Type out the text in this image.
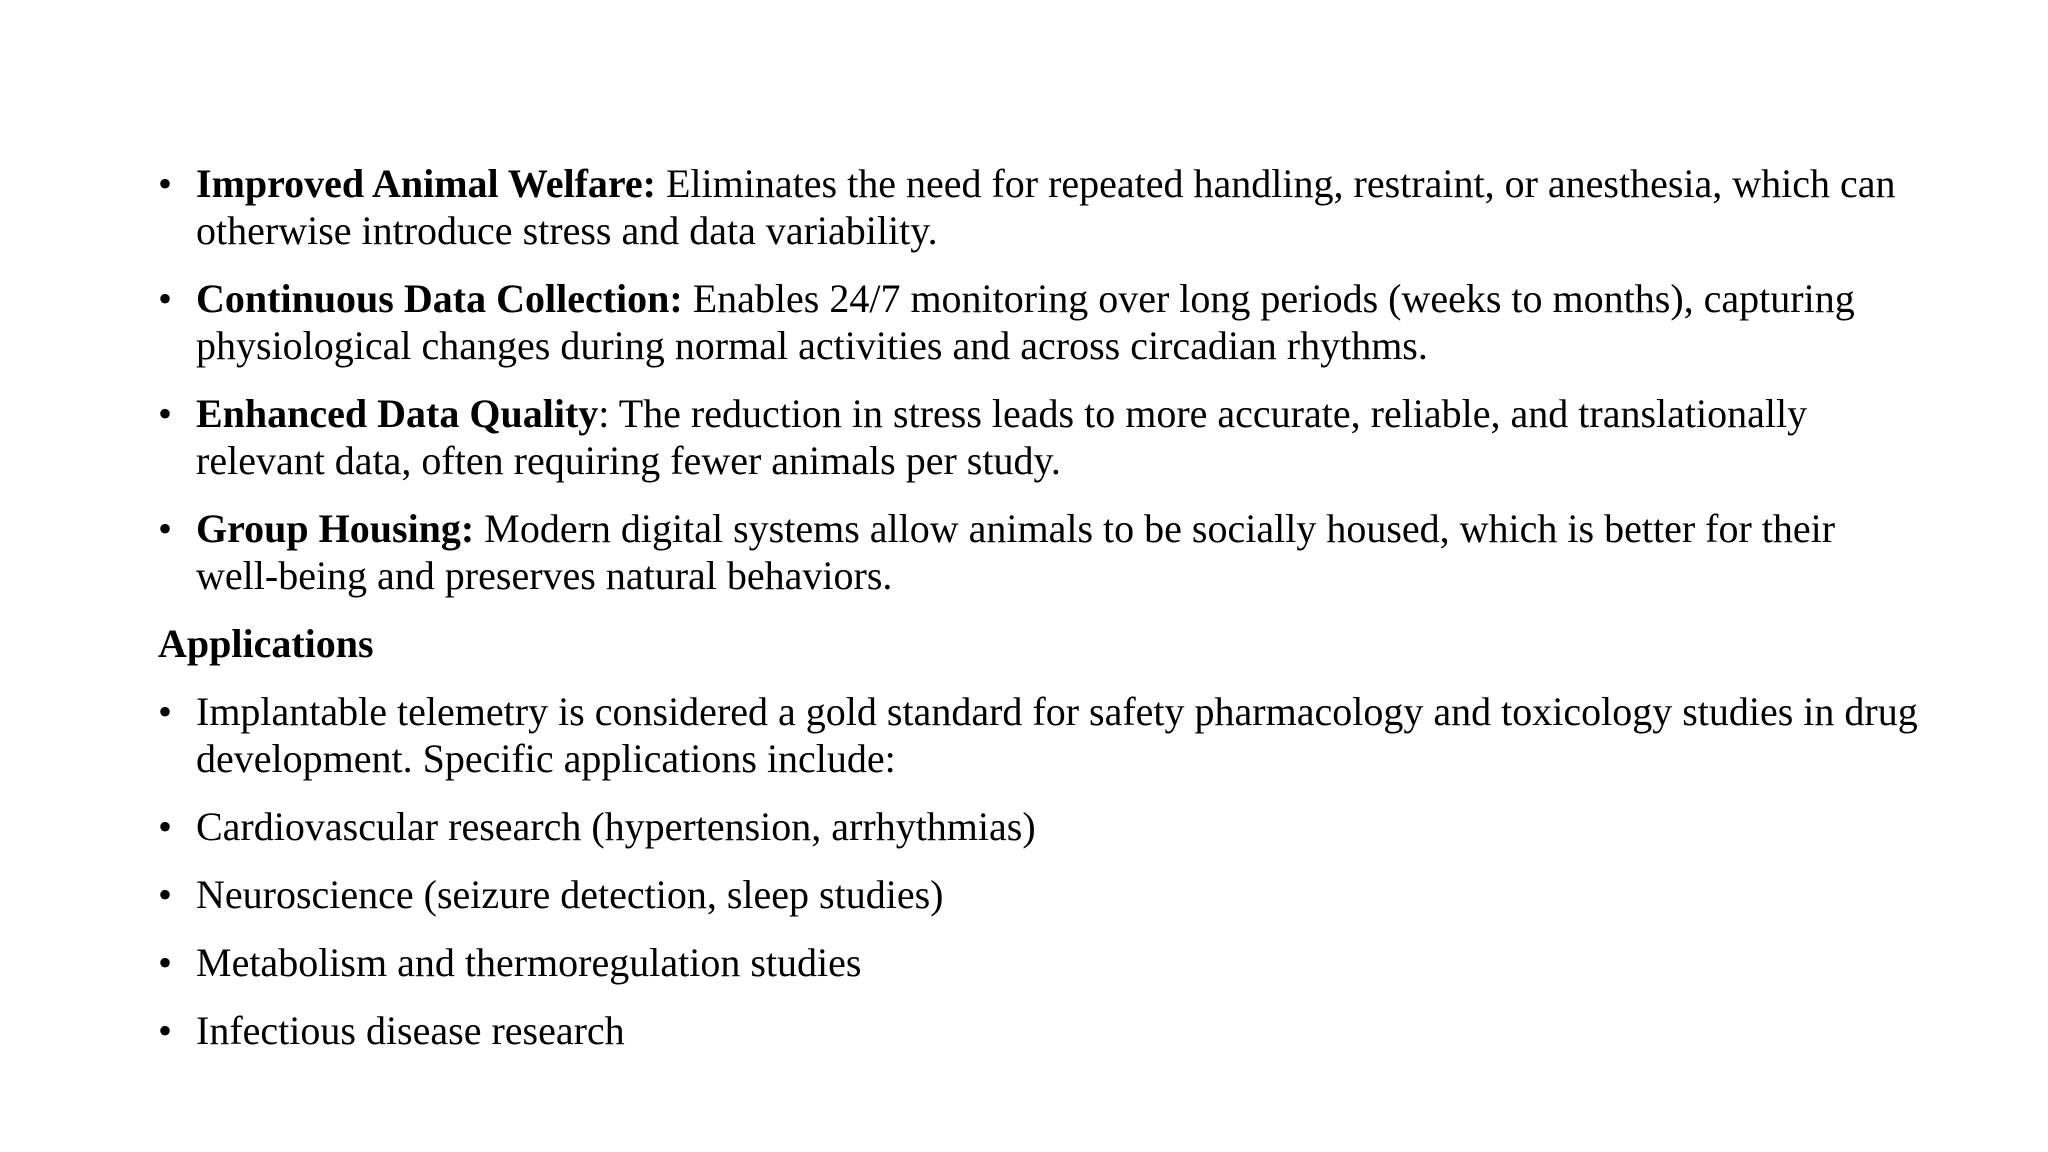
• Improved Animal Welfare: Eliminates the need for repeated handling, restraint, or anesthesia, which can otherwise introduce stress and data variability.
• Continuous Data Collection: Enables 24/7 monitoring over long periods (weeks to months), capturing physiological changes during normal activities and across circadian rhythms.
• Enhanced Data Quality: The reduction in stress leads to more accurate, reliable, and translationally relevant data, often requiring fewer animals per study.
• Group Housing: Modern digital systems allow animals to be socially housed, which is better for their well-being and preserves natural behaviors.
Applications
• Implantable telemetry is considered a gold standard for safety pharmacology and toxicology studies in drug development. Specific applications include:
• Cardiovascular research (hypertension, arrhythmias)
• Neuroscience (seizure detection, sleep studies)
• Metabolism and thermoregulation studies
• Infectious disease research
